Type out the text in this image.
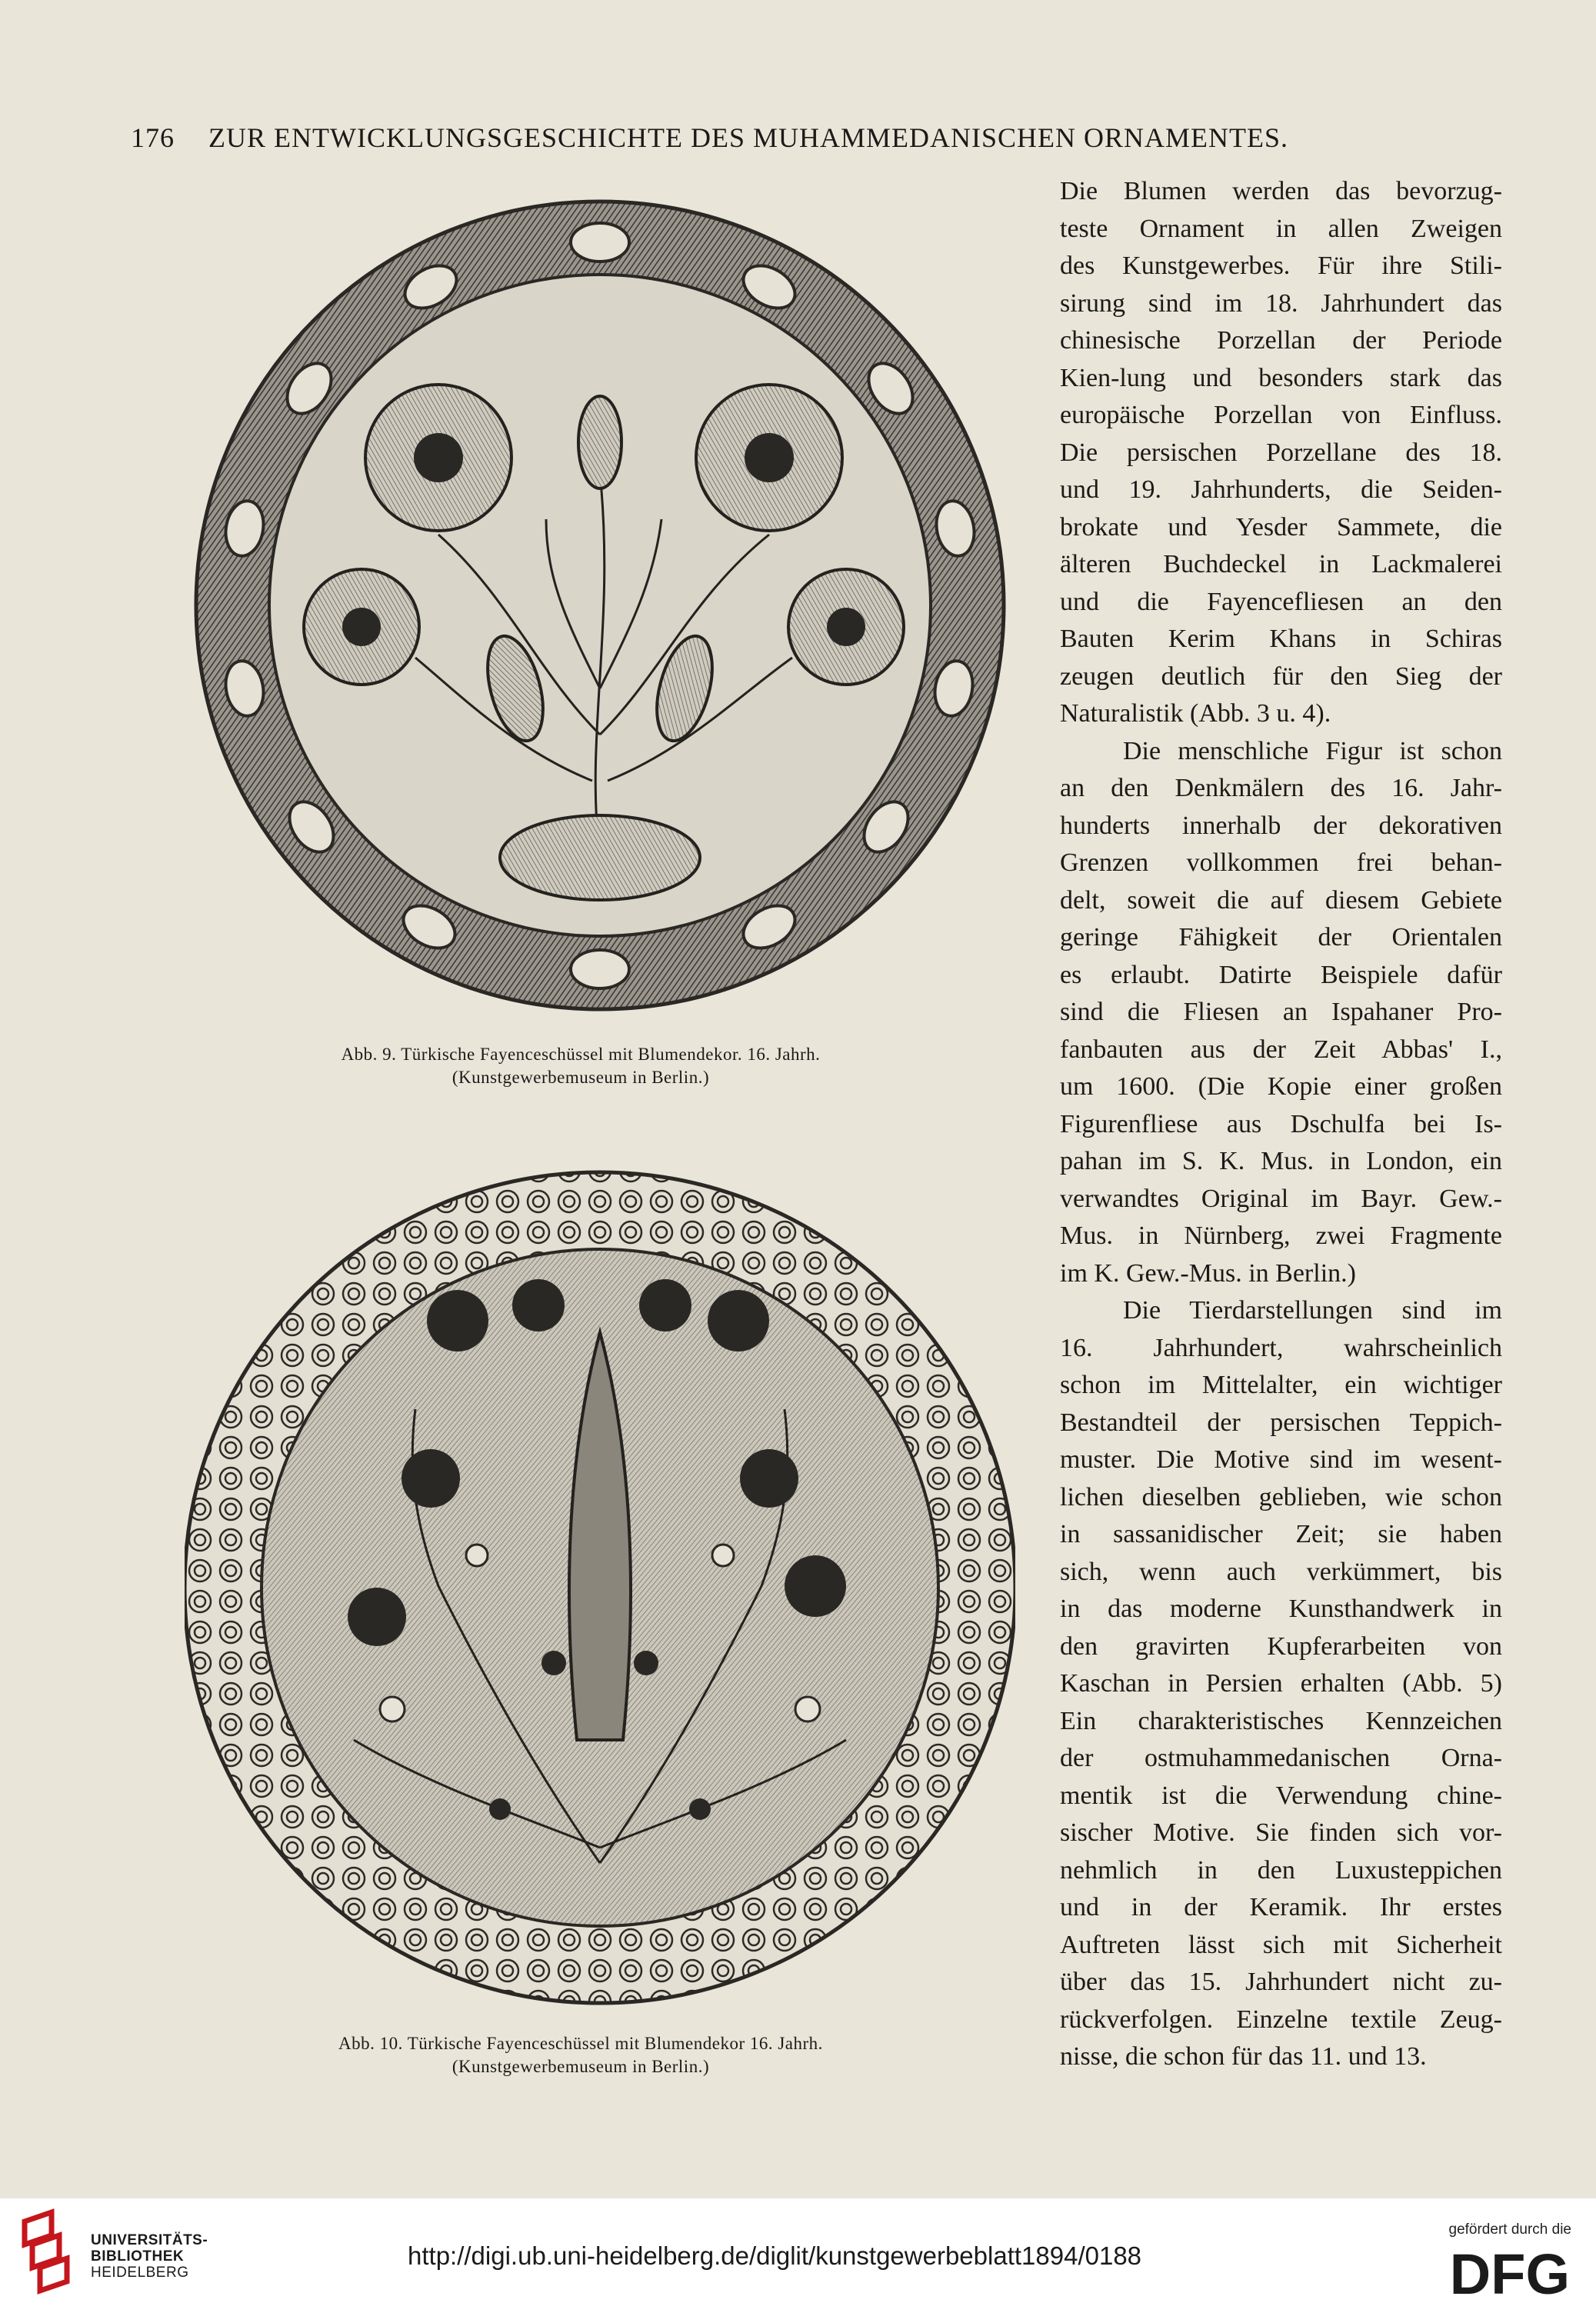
176 ZUR ENTWICKLUNGSGESCHICHTE DES MUHAMMEDANISCHEN ORNAMENTES.
Abb. 9. Türkische Fayenceschüssel mit Blumendekor. 16. Jahrh.
(Kunstgewerbemuseum in Berlin.)
Abb. 10. Türkische Fayenceschüssel mit Blumendekor 16. Jahrh.
(Kunstgewerbemuseum in Berlin.)
Die Blumen werden das bevorzug-
teste Ornament in allen Zweigen
des Kunstgewerbes. Für ihre Stili-
sirung sind im 18. Jahrhundert das
chinesische Porzellan der Periode
Kien-lung und besonders stark das
europäische Porzellan von Einfluss.
Die persischen Porzellane des 18.
und 19. Jahrhunderts, die Seiden-
brokate und Yesder Sammete, die
älteren Buchdeckel in Lackmalerei
und die Fayencefliesen an den
Bauten Kerim Khans in Schiras
zeugen deutlich für den Sieg der
Naturalistik (Abb. 3 u. 4).
Die menschliche Figur ist schon
an den Denkmälern des 16. Jahr-
hunderts innerhalb der dekorativen
Grenzen vollkommen frei behan-
delt, soweit die auf diesem Gebiete
geringe Fähigkeit der Orientalen
es erlaubt. Datirte Beispiele dafür
sind die Fliesen an Ispahaner Pro-
fanbauten aus der Zeit Abbas' I.,
um 1600. (Die Kopie einer großen
Figurenfliese aus Dschulfa bei Is-
pahan im S. K. Mus. in London, ein
verwandtes Original im Bayr. Gew.-
Mus. in Nürnberg, zwei Fragmente
im K. Gew.-Mus. in Berlin.)
Die Tierdarstellungen sind im
16. Jahrhundert, wahrscheinlich
schon im Mittelalter, ein wichtiger
Bestandteil der persischen Teppich-
muster. Die Motive sind im wesent-
lichen dieselben geblieben, wie schon
in sassanidischer Zeit; sie haben
sich, wenn auch verkümmert, bis
in das moderne Kunsthandwerk in
den gravirten Kupferarbeiten von
Kaschan in Persien erhalten (Abb. 5)
Ein charakteristisches Kennzeichen
der ostmuhammedanischen Orna-
mentik ist die Verwendung chine-
sischer Motive. Sie finden sich vor-
nehmlich in den Luxusteppichen
und in der Keramik. Ihr erstes
Auftreten lässt sich mit Sicherheit
über das 15. Jahrhundert nicht zu-
rückverfolgen. Einzelne textile Zeug-
nisse, die schon für das 11. und 13.
UNIVERSITÄTS-
BIBLIOTHEK
HEIDELBERG
http://digi.ub.uni-heidelberg.de/diglit/kunstgewerbeblatt1894/0188
gefördert durch die
DFG
